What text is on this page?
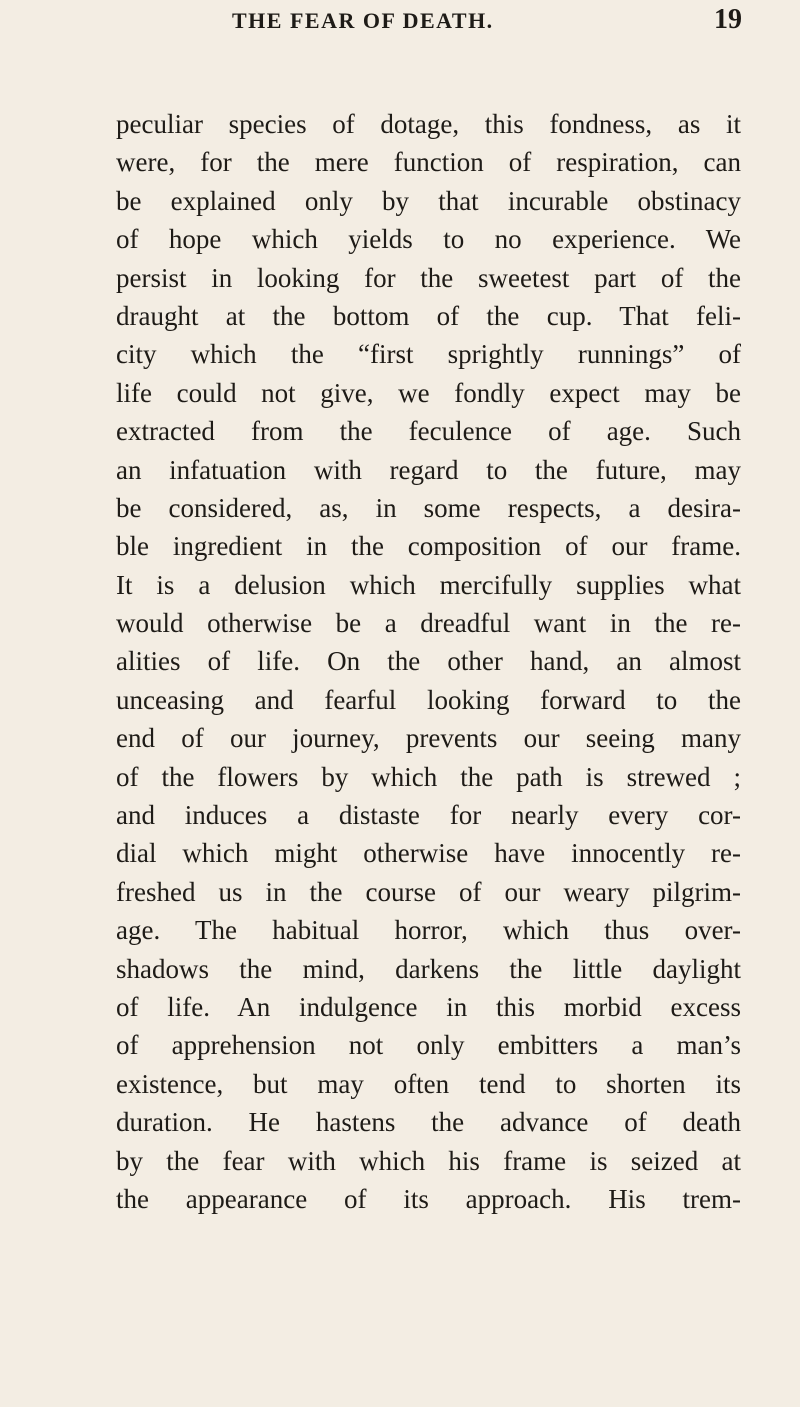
THE FEAR OF DEATH.	19
peculiar species of dotage, this fondness, as it
were, for the mere function of respiration, can
be explained only by that incurable obstinacy
of hope which yields to no experience. We
persist in looking for the sweetest part of the
draught at the bottom of the cup. That feli-
city which the “first sprightly runnings” of
life could not give, we fondly expect may be
extracted from the feculence of age. Such
an infatuation with regard to the future, may
be considered, as, in some respects, a desira-
ble ingredient in the composition of our frame.
It is a delusion which mercifully supplies what
would otherwise be a dreadful want in the re-
alities of life. On the other hand, an almost
unceasing and fearful looking forward to the
end of our journey, prevents our seeing many
of the flowers by which the path is strewed ;
and induces a distaste for nearly every cor-
dial which might otherwise have innocently re-
freshed us in the course of our weary pilgrim-
age. The habitual horror, which thus over-
shadows the mind, darkens the little daylight
of life. An indulgence in this morbid excess
of apprehension not only embitters a man’s
existence, but may often tend to shorten its
duration. He hastens the advance of death
by the fear with which his frame is seized at
the appearance of its approach. His trem-
